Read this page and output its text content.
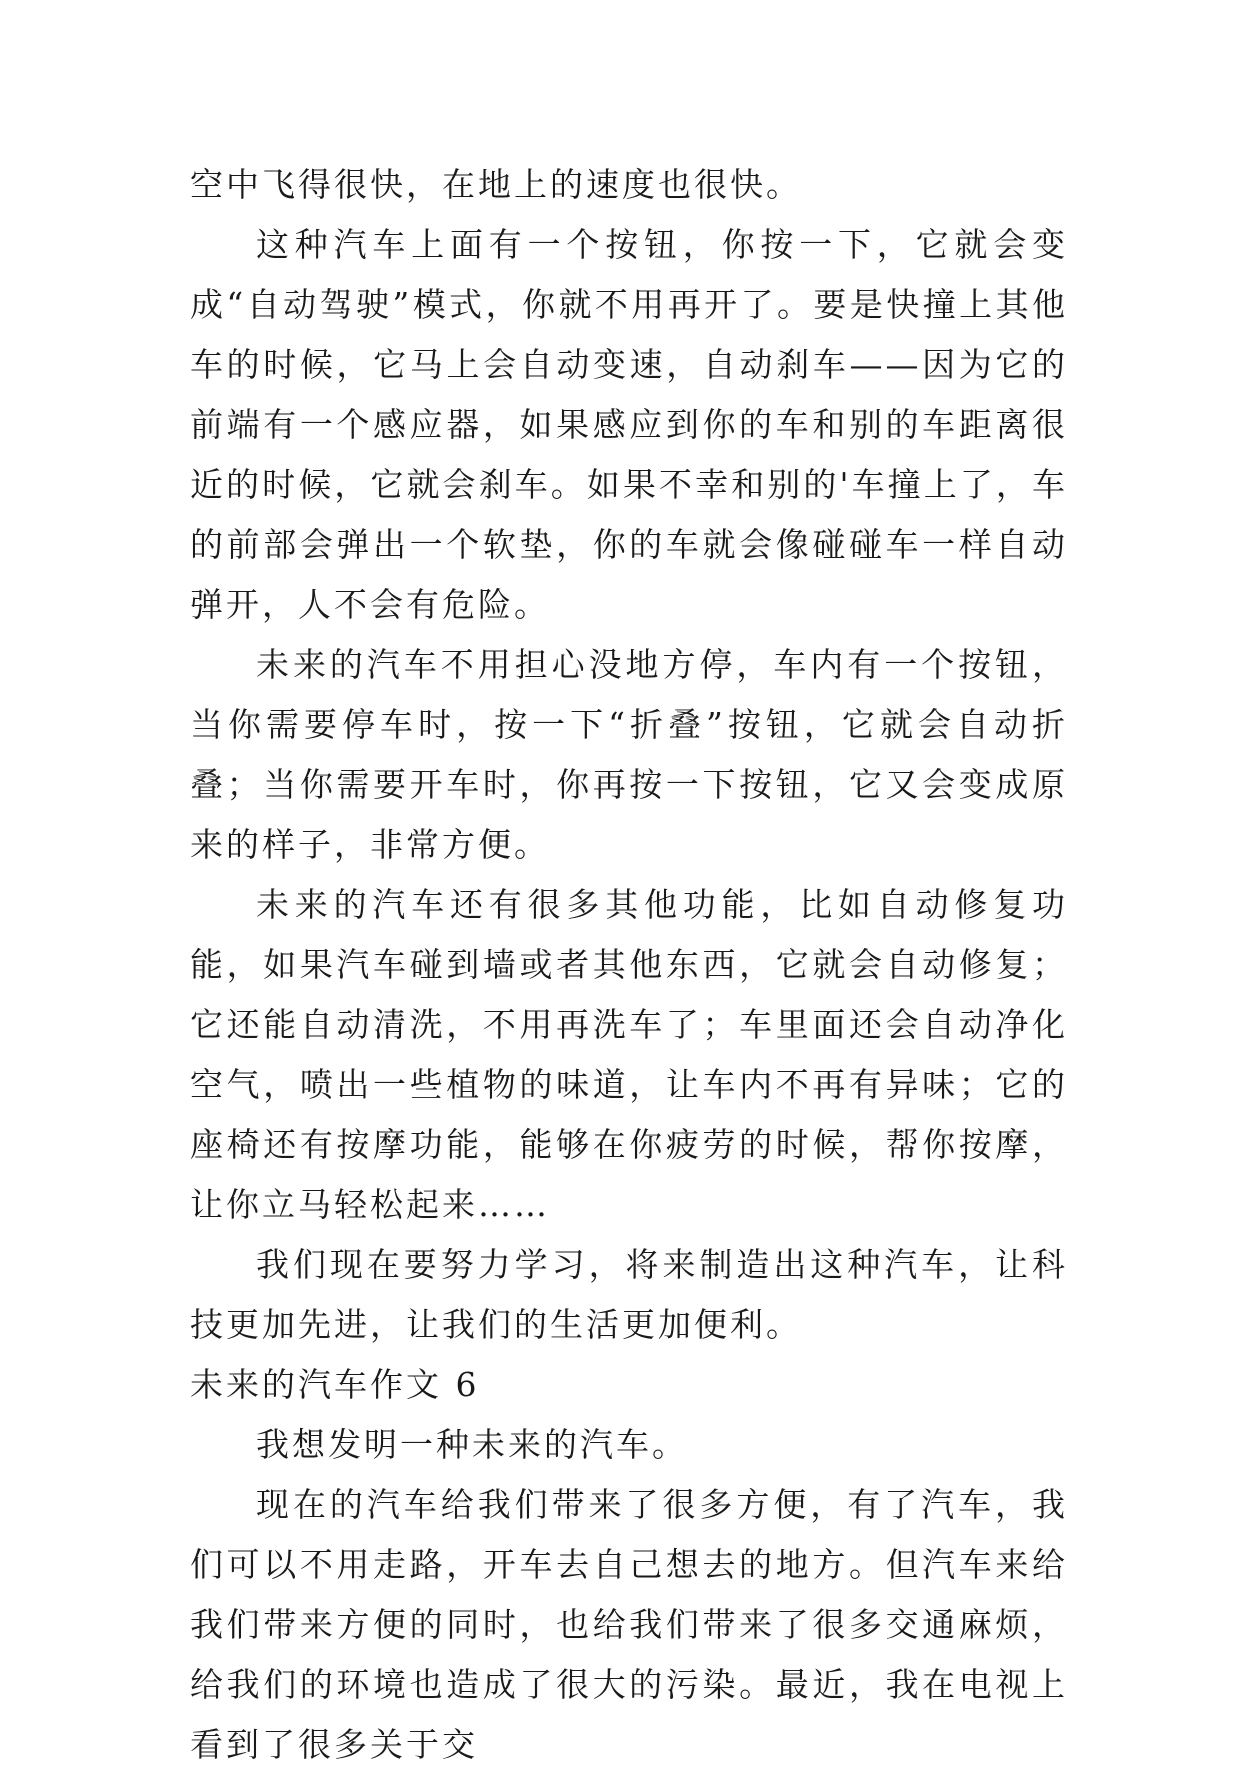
空中飞得很快，在地上的速度也很快。

这种汽车上面有一个按钮，你按一下，它就会变成“自动驾驶”模式，你就不用再开了。要是快撞上其他车的时候，它马上会自动变速，自动刹车——因为它的前端有一个感应器，如果感应到你的车和别的车距离很近的时候，它就会刹车。如果不幸和别的'车撞上了，车的前部会弹出一个软垫，你的车就会像碰碰车一样自动弹开，人不会有危险。

未来的汽车不用担心没地方停，车内有一个按钮，当你需要停车时，按一下“折叠”按钮，它就会自动折叠；当你需要开车时，你再按一下按钮，它又会变成原来的样子，非常方便。

未来的汽车还有很多其他功能，比如自动修复功能，如果汽车碰到墙或者其他东西，它就会自动修复；它还能自动清洗，不用再洗车了；车里面还会自动净化空气，喷出一些植物的味道，让车内不再有异味；它的座椅还有按摩功能，能够在你疲劳的时候，帮你按摩，让你立马轻松起来……

我们现在要努力学习，将来制造出这种汽车，让科技更加先进，让我们的生活更加便利。

未来的汽车作文 6

我想发明一种未来的汽车。

现在的汽车给我们带来了很多方便，有了汽车，我们可以不用走路，开车去自己想去的地方。但汽车来给我们带来方便的同时，也给我们带来了很多交通麻烦，给我们的环境也造成了很大的污染。最近，我在电视上看到了很多关于交
